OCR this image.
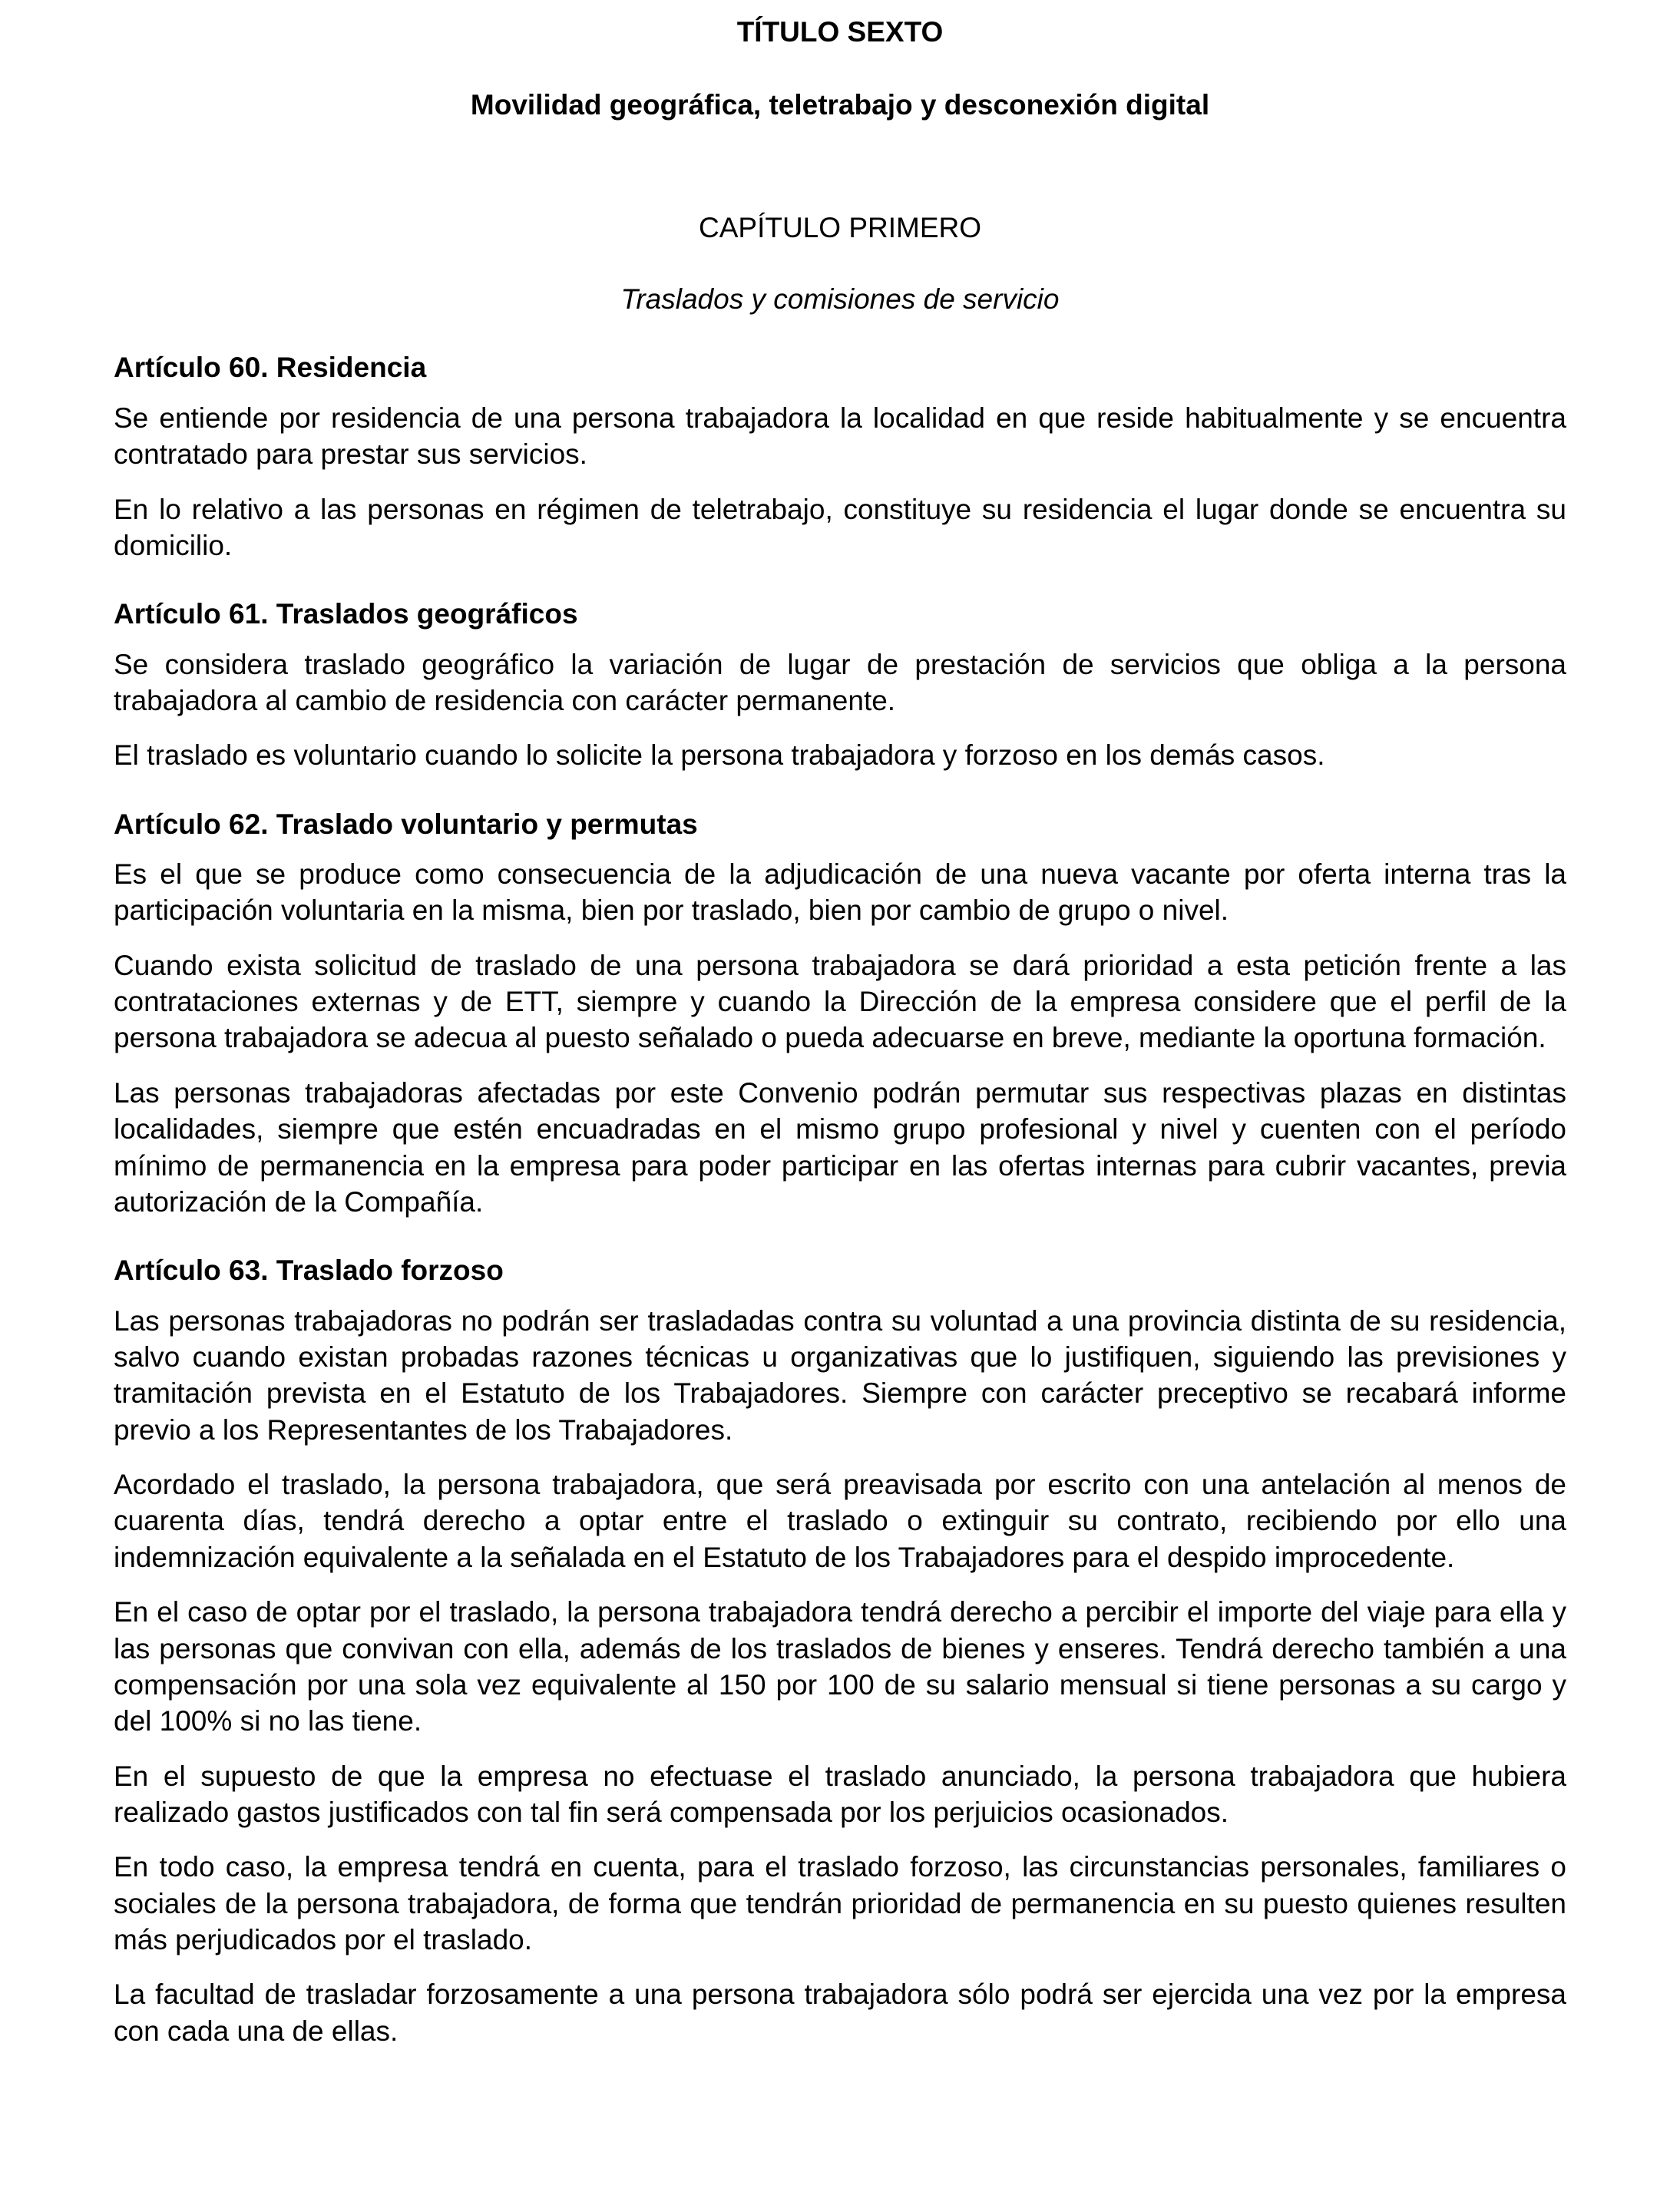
TÍTULO SEXTO
Movilidad geográfica, teletrabajo y desconexión digital

CAPÍTULO PRIMERO

Traslados y comisiones de servicio

Artículo 60. Residencia

Se entiende por residencia de una persona trabajadora la localidad en que reside habitualmente y se encuentra contratado para prestar sus servicios.

En lo relativo a las personas en régimen de teletrabajo, constituye su residencia el lugar donde se encuentra su domicilio.

Artículo 61. Traslados geográficos

Se considera traslado geográfico la variación de lugar de prestación de servicios que obliga a la persona trabajadora al cambio de residencia con carácter permanente.

El traslado es voluntario cuando lo solicite la persona trabajadora y forzoso en los demás casos.

Artículo 62. Traslado voluntario y permutas

Es el que se produce como consecuencia de la adjudicación de una nueva vacante por oferta interna tras la participación voluntaria en la misma, bien por traslado, bien por cambio de grupo o nivel.

Cuando exista solicitud de traslado de una persona trabajadora se dará prioridad a esta petición frente a las contrataciones externas y de ETT, siempre y cuando la Dirección de la empresa considere que el perfil de la persona trabajadora se adecua al puesto señalado o pueda adecuarse en breve, mediante la oportuna formación.

Las personas trabajadoras afectadas por este Convenio podrán permutar sus respectivas plazas en distintas localidades, siempre que estén encuadradas en el mismo grupo profesional y nivel y cuenten con el período mínimo de permanencia en la empresa para poder participar en las ofertas internas para cubrir vacantes, previa autorización de la Compañía.

Artículo 63. Traslado forzoso

Las personas trabajadoras no podrán ser trasladadas contra su voluntad a una provincia distinta de su residencia, salvo cuando existan probadas razones técnicas u organizativas que lo justifiquen, siguiendo las previsiones y tramitación prevista en el Estatuto de los Trabajadores. Siempre con carácter preceptivo se recabará informe previo a los Representantes de los Trabajadores.

Acordado el traslado, la persona trabajadora, que será preavisada por escrito con una antelación al menos de cuarenta días, tendrá derecho a optar entre el traslado o extinguir su contrato, recibiendo por ello una indemnización equivalente a la señalada en el Estatuto de los Trabajadores para el despido improcedente.

En el caso de optar por el traslado, la persona trabajadora tendrá derecho a percibir el importe del viaje para ella y las personas que convivan con ella, además de los traslados de bienes y enseres. Tendrá derecho también a una compensación por una sola vez equivalente al 150 por 100 de su salario mensual si tiene personas a su cargo y del 100% si no las tiene.

En el supuesto de que la empresa no efectuase el traslado anunciado, la persona trabajadora que hubiera realizado gastos justificados con tal fin será compensada por los perjuicios ocasionados.

En todo caso, la empresa tendrá en cuenta, para el traslado forzoso, las circunstancias personales, familiares o sociales de la persona trabajadora, de forma que tendrán prioridad de permanencia en su puesto quienes resulten más perjudicados por el traslado.

La facultad de trasladar forzosamente a una persona trabajadora sólo podrá ser ejercida una vez por la empresa con cada una de ellas.
